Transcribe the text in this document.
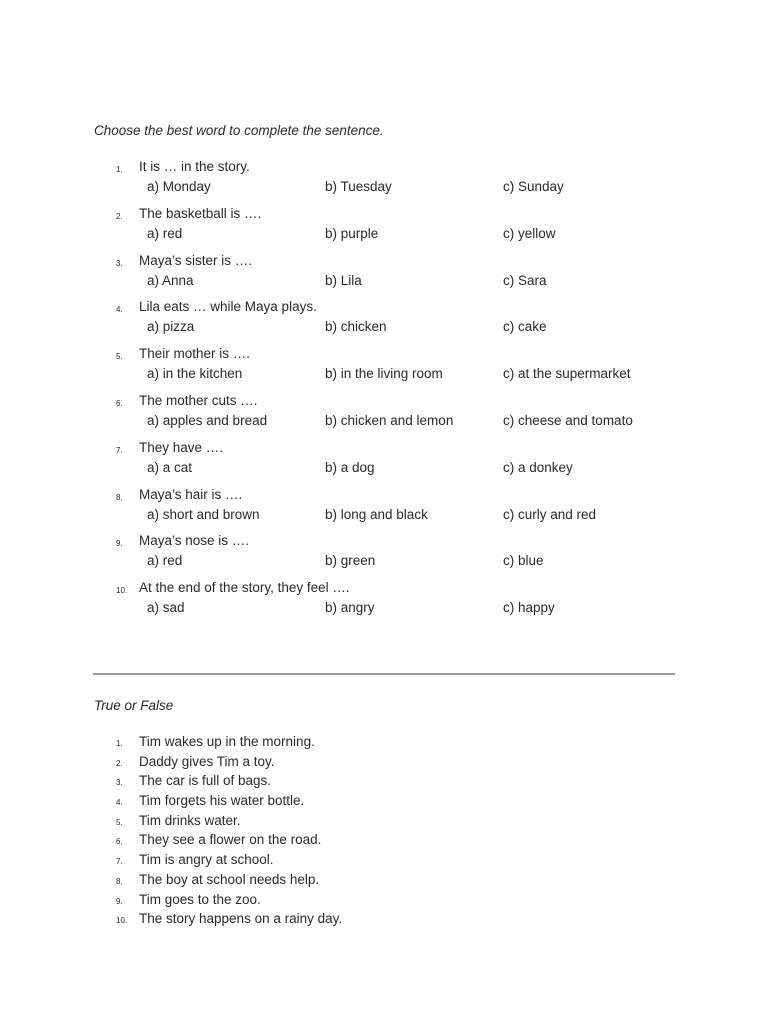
Choose the best word to complete the sentence.
1.	It is … in the story.
a) Monday	b) Tuesday	c) Sunday
2.	The basketball is ….
a) red	b) purple	c) yellow
3.	Maya’s sister is ….
a) Anna	b) Lila	c) Sara
4.	Lila eats … while Maya plays.
a) pizza	b) chicken	c) cake
5.	Their mother is ….
a) in the kitchen	b) in the living room	c) at the supermarket
6.	The mother cuts ….
a) apples and bread	b) chicken and lemon	c) cheese and tomato
7.	They have ….
a) a cat	b) a dog	c) a donkey
8.	Maya’s hair is ….
a) short and brown	b) long and black	c) curly and red
9.	Maya’s nose is ….
a) red	b) green	c) blue
10. At the end of the story, they feel ….
a) sad	b) angry	c) happy
True or False
1.	Tim wakes up in the morning.
2.	Daddy gives Tim a toy.
3.	The car is full of bags.
4.	Tim forgets his water bottle.
5.	Tim drinks water.
6.	They see a flower on the road.
7.	Tim is angry at school.
8.	The boy at school needs help.
9.	Tim goes to the zoo.
10. The story happens on a rainy day.
